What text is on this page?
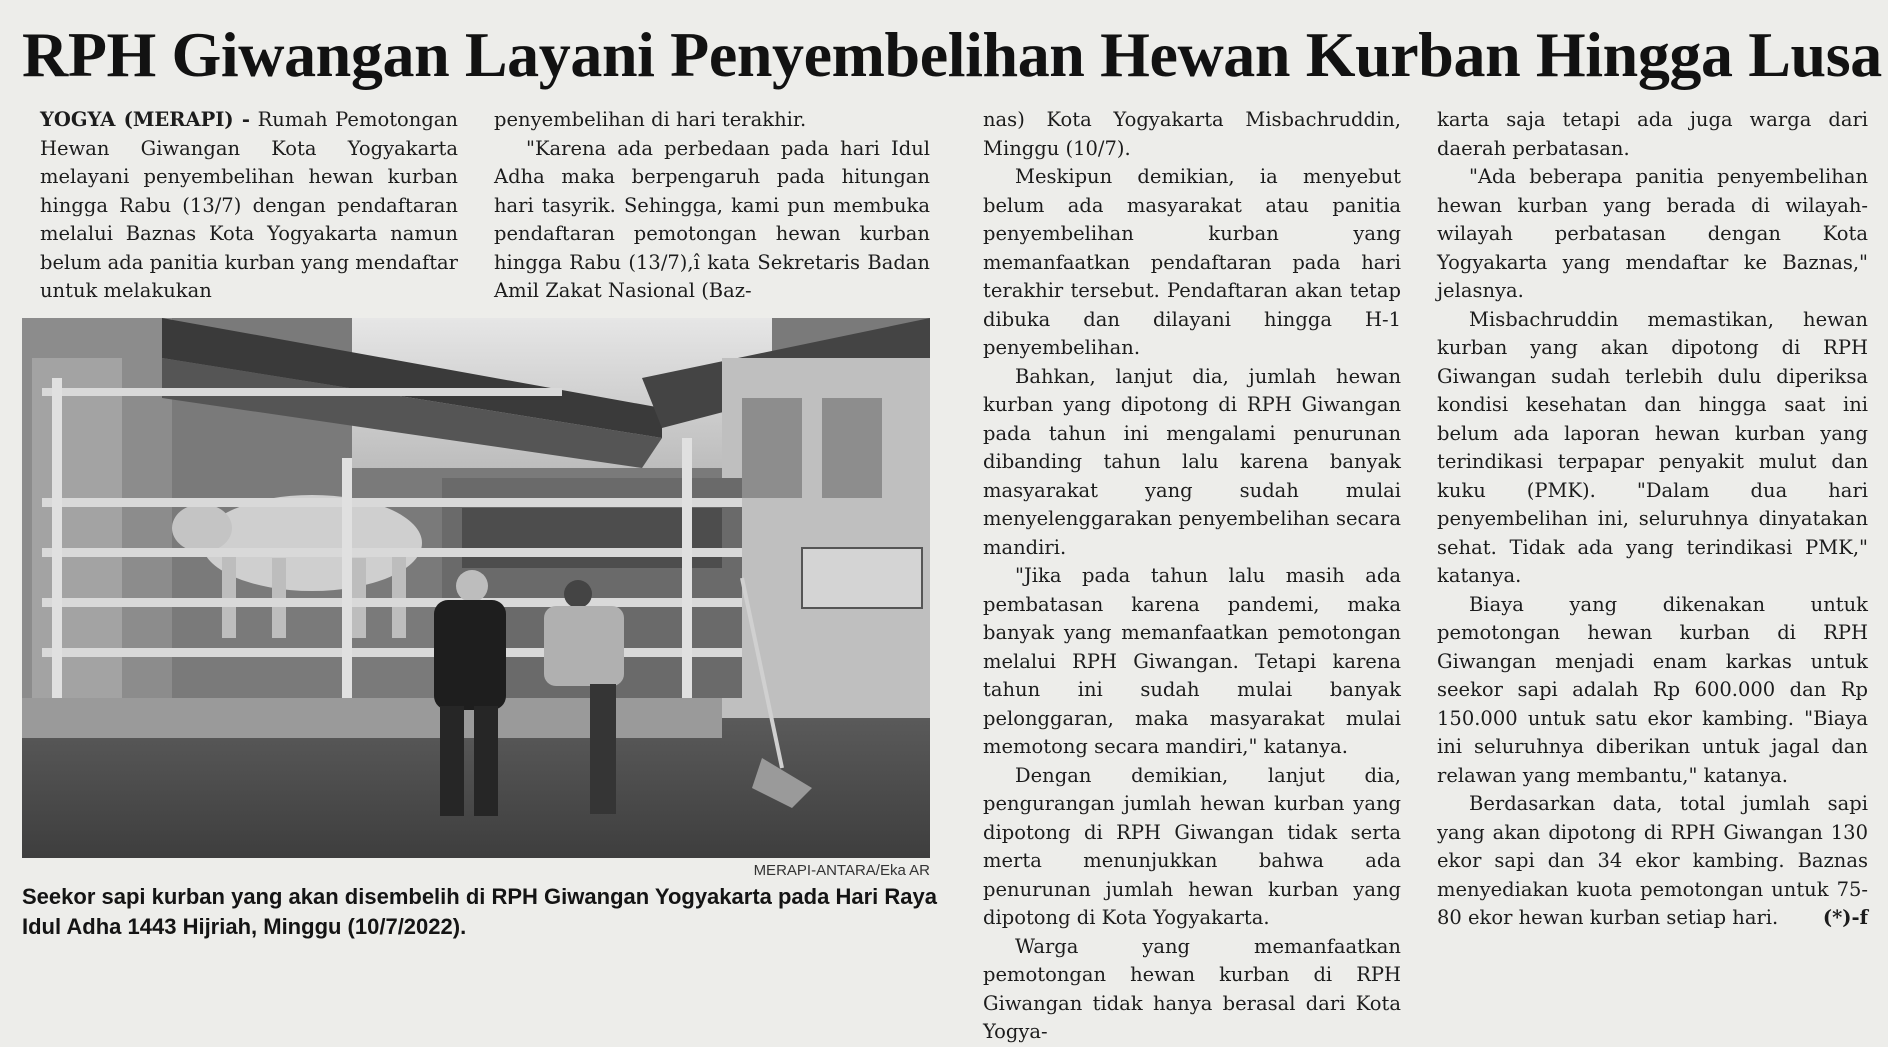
RPH Giwangan Layani Penyembelihan Hewan Kurban Hingga Lusa

YOGYA (MERAPI) - Rumah Pemotongan Hewan Giwangan Kota Yogyakarta melayani penyembelihan hewan kurban hingga Rabu (13/7) dengan pendaftaran melalui Baznas Kota Yogyakarta namun belum ada panitia kurban yang mendaftar untuk melakukan

penyembelihan di hari terakhir.

"Karena ada perbedaan pada hari Idul Adha maka berpengaruh pada hitungan hari tasyrik. Sehingga, kami pun membuka pendaftaran pemotongan hewan kurban hingga Rabu (13/7),î kata Sekretaris Badan Amil Zakat Nasional (Baz-

MERAPI-ANTARA/Eka AR
Seekor sapi kurban yang akan disembelih di RPH Giwangan Yogyakarta pada Hari Raya Idul Adha 1443 Hijriah, Minggu (10/7/2022).

nas) Kota Yogyakarta Misbachruddin, Minggu (10/7).

Meskipun demikian, ia menyebut belum ada masyarakat atau panitia penyembelihan kurban yang memanfaatkan pendaftaran pada hari terakhir tersebut. Pendaftaran akan tetap dibuka dan dilayani hingga H-1 penyembelihan.

Bahkan, lanjut dia, jumlah hewan kurban yang dipotong di RPH Giwangan pada tahun ini mengalami penurunan dibanding tahun lalu karena banyak masyarakat yang sudah mulai menyelenggarakan penyembelihan secara mandiri.

"Jika pada tahun lalu masih ada pembatasan karena pandemi, maka banyak yang memanfaatkan pemotongan melalui RPH Giwangan. Tetapi karena tahun ini sudah mulai banyak pelonggaran, maka masyarakat mulai memotong secara mandiri," katanya.

Dengan demikian, lanjut dia, pengurangan jumlah hewan kurban yang dipotong di RPH Giwangan tidak serta merta menunjukkan bahwa ada penurunan jumlah hewan kurban yang dipotong di Kota Yogyakarta.

Warga yang memanfaatkan pemotongan hewan kurban di RPH Giwangan tidak hanya berasal dari Kota Yogya-

karta saja tetapi ada juga warga dari daerah perbatasan.

"Ada beberapa panitia penyembelihan hewan kurban yang berada di wilayah-wilayah perbatasan dengan Kota Yogyakarta yang mendaftar ke Baznas," jelasnya.

Misbachruddin memastikan, hewan kurban yang akan dipotong di RPH Giwangan sudah terlebih dulu diperiksa kondisi kesehatan dan hingga saat ini belum ada laporan hewan kurban yang terindikasi terpapar penyakit mulut dan kuku (PMK). "Dalam dua hari penyembelihan ini, seluruhnya dinyatakan sehat. Tidak ada yang terindikasi PMK," katanya.

Biaya yang dikenakan untuk pemotongan hewan kurban di RPH Giwangan menjadi enam karkas untuk seekor sapi adalah Rp 600.000 dan Rp 150.000 untuk satu ekor kambing. "Biaya ini seluruhnya diberikan untuk jagal dan relawan yang membantu," katanya.

Berdasarkan data, total jumlah sapi yang akan dipotong di RPH Giwangan 130 ekor sapi dan 34 ekor kambing. Baznas menyediakan kuota pemotongan untuk 75-80 ekor hewan kurban setiap hari.	(*)-f
